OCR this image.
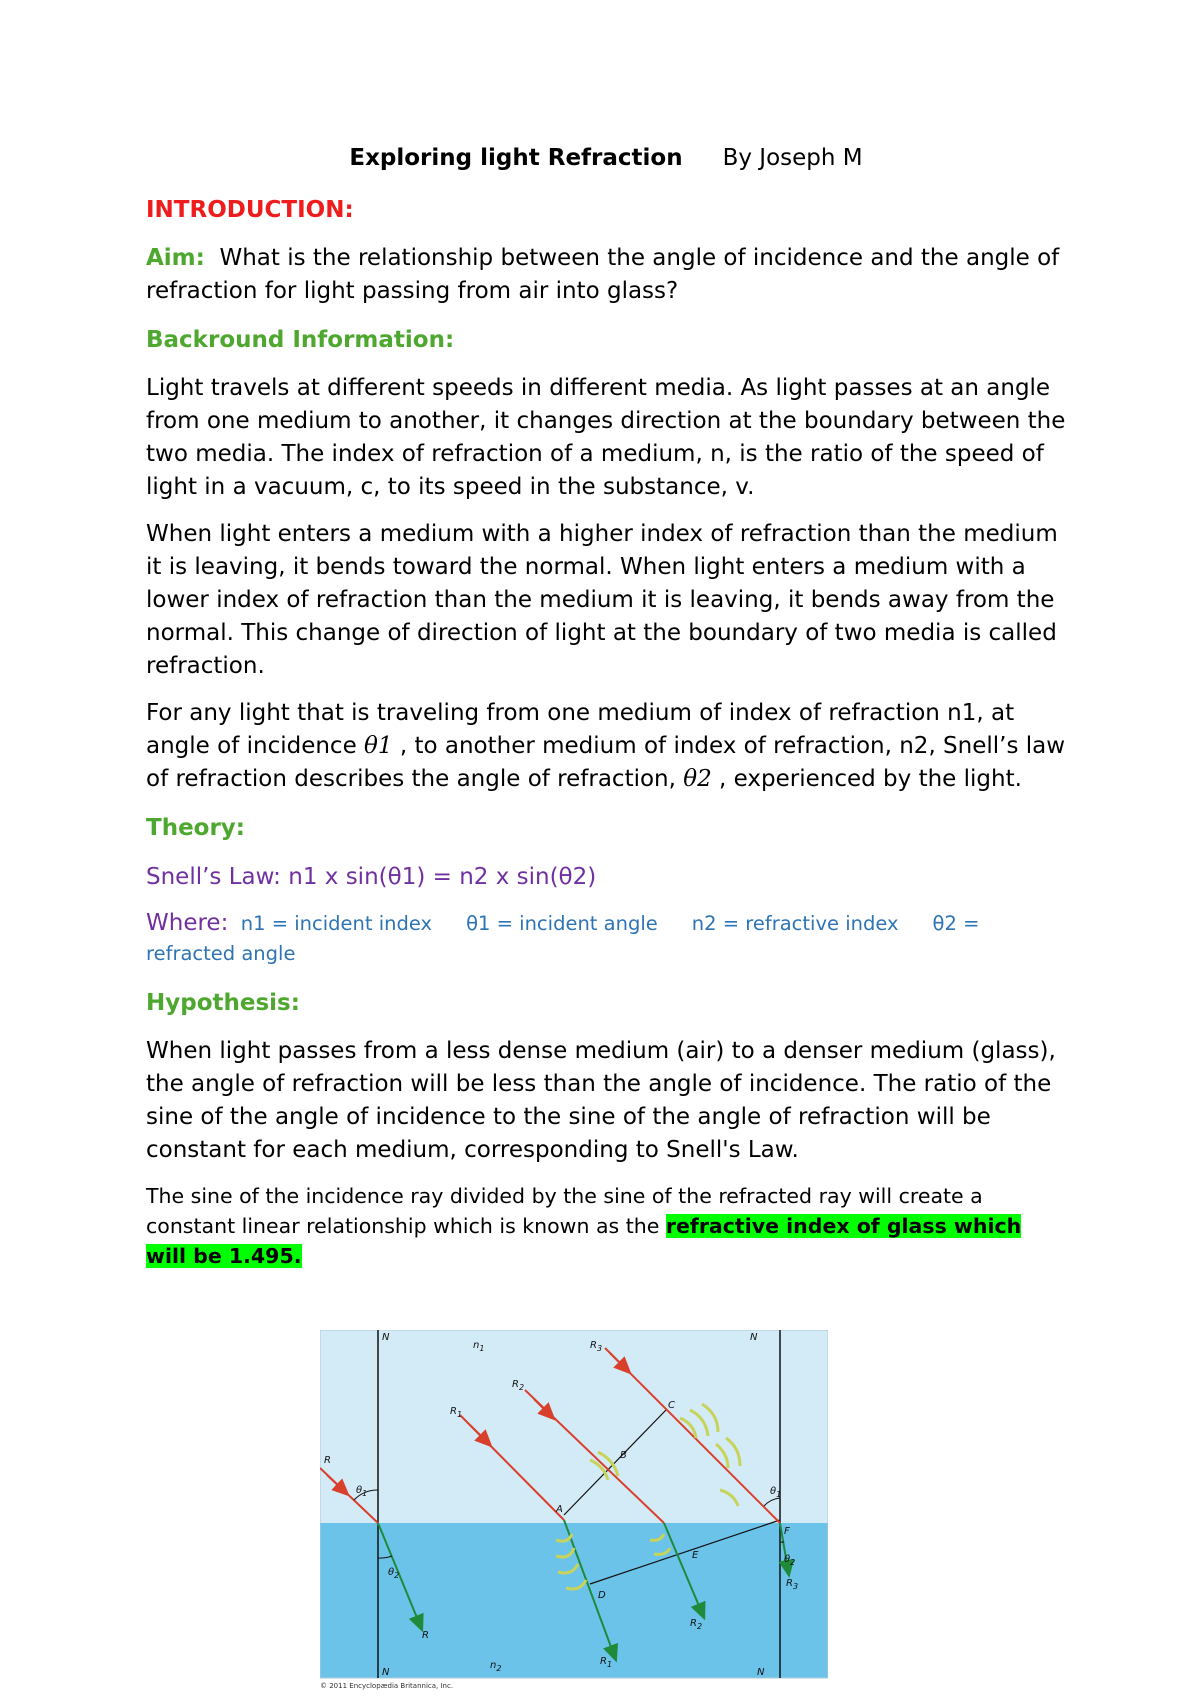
Exploring light Refraction By Joseph M
INTRODUCTION:

Aim: What is the relationship between the angle of incidence and the angle of refraction for light passing from air into glass?

Backround Information:

Light travels at different speeds in different media. As light passes at an angle from one medium to another, it changes direction at the boundary between the two media. The index of refraction of a medium, n, is the ratio of the speed of light in a vacuum, c, to its speed in the substance, v.

When light enters a medium with a higher index of refraction than the medium it is leaving, it bends toward the normal. When light enters a medium with a lower index of refraction than the medium it is leaving, it bends away from the normal. This change of direction of light at the boundary of two media is called refraction.

For any light that is traveling from one medium of index of refraction n1, at angle of incidence θ1 , to another medium of index of refraction, n2, Snell’s law of refraction describes the angle of refraction, θ2 , experienced by the light.

Theory:
Snell’s Law: n1 x sin(θ1) = n2 x sin(θ2)
Where: n1 = incident index θ1 = incident angle n2 = refractive index θ2 = refracted angle
Hypothesis:

When light passes from a less dense medium (air) to a denser medium (glass), the angle of refraction will be less than the angle of incidence. The ratio of the sine of the angle of incidence to the sine of the angle of refraction will be constant for each medium, corresponding to Snell's Law.

The sine of the incidence ray divided by the sine of the refracted ray will create a constant linear relationship which is known as the refractive index of glass which will be 1.495.

N
N
N
N
$n_1$
$n_2$
R
R
$R_1$
$R_1$
$R_2$
$R_2$
$R_3$
$R_3$
$\theta_1$
$\theta_2$
$\theta_1$
$\theta_2$
A
B
C
D
E
F
© 2011 Encyclopædia Britannica, Inc.
